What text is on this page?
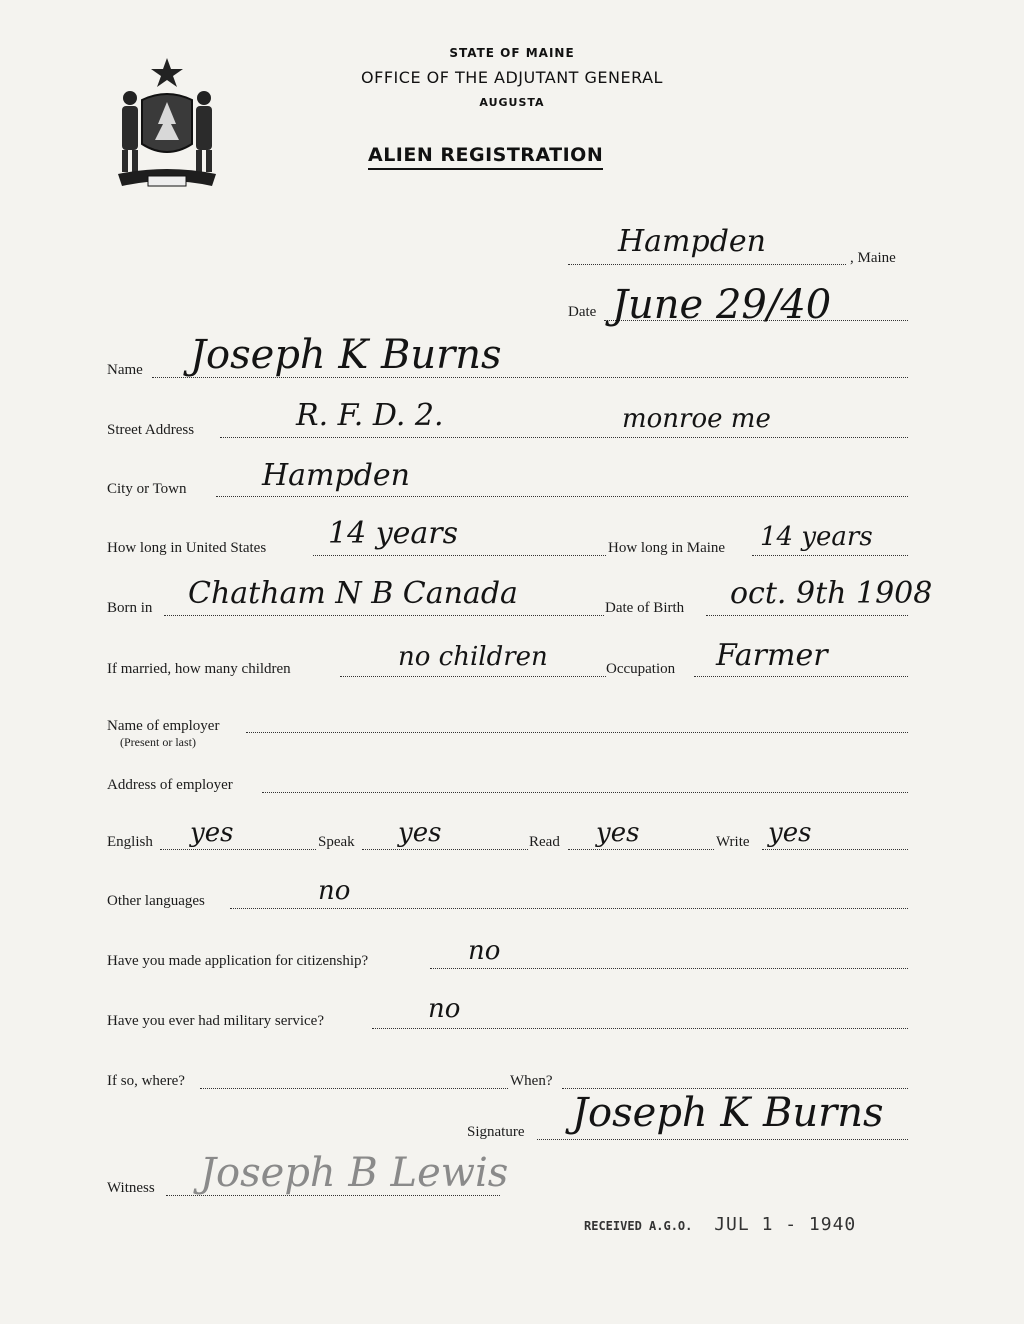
STATE OF MAINE
OFFICE OF THE ADJUTANT GENERAL
AUGUSTA
ALIEN REGISTRATION
Hampden	, Maine
Date June 29/40
Name Joseph K Burns
Street Address	R. F. D. 2.	monroe me
City or Town	Hampden
How long in United States 14 years	How long in Maine 14 years
Born in Chatham N B Canada	Date of Birth oct. 9th 1908
If married, how many children	no children	Occupation Farmer
Name of employer
(Present or last)
Address of employer
English yes	Speak yes	Read yes	Write yes
Other languages	no
Have you made application for citizenship?	no
Have you ever had military service?	no
If so, where?	When?
Signature Joseph K Burns
Witness Joseph B Lewis
RECEIVED A.G.O. JUL 1 - 1940
